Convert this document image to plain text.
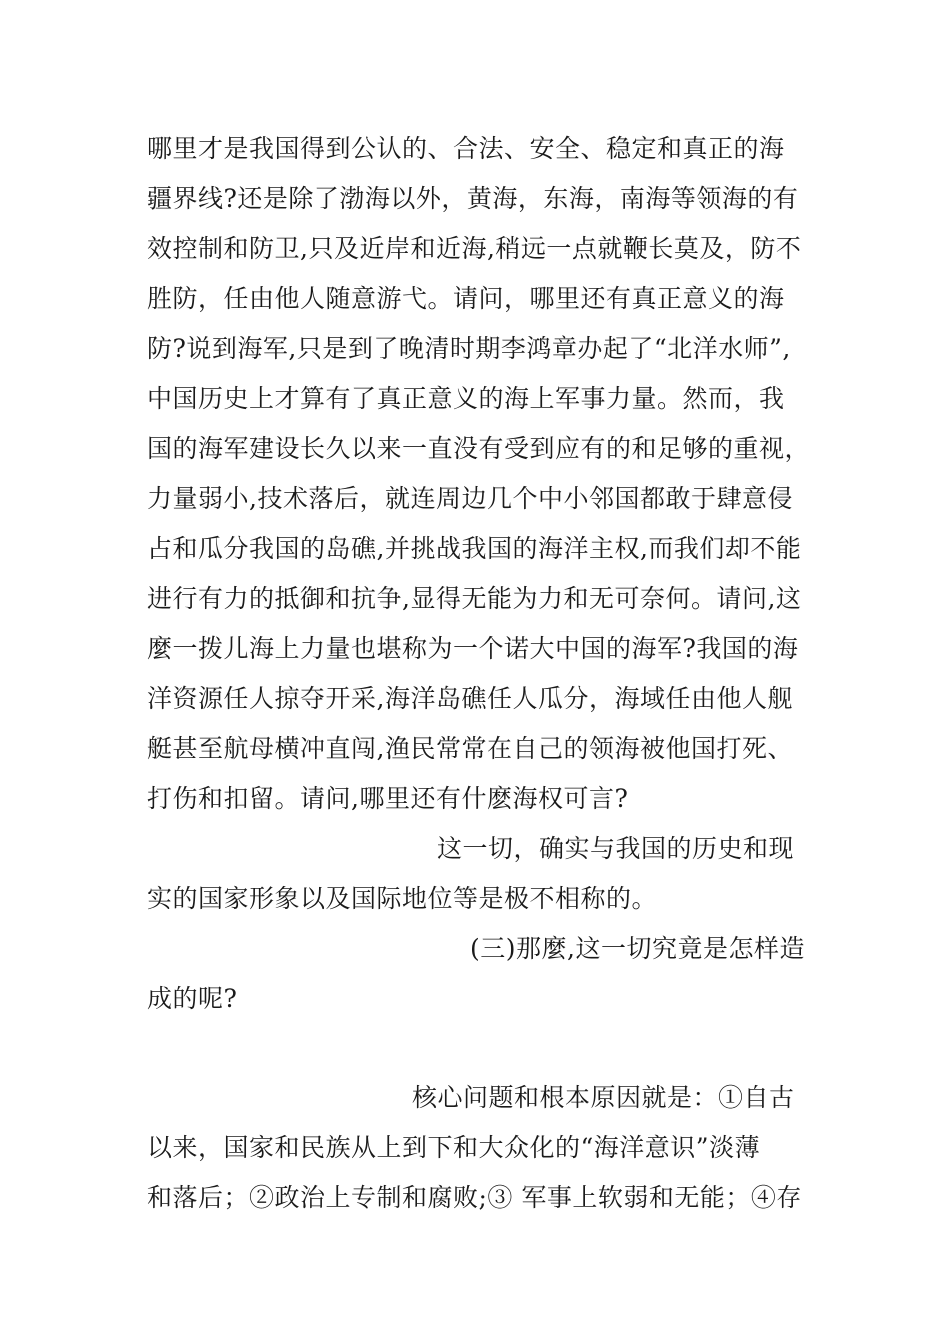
哪里才是我国得到公认的、合法、安全、稳定和真正的海
疆界线?还是除了渤海以外，黄海，东海，南海等领海的有
效控制和防卫,只及近岸和近海,稍远一点就鞭长莫及，防不
胜防，任由他人随意游弋。请问，哪里还有真正意义的海
防?说到海军,只是到了晚清时期李鸿章办起了“北洋水师”,
中国历史上才算有了真正意义的海上军事力量。然而，我
国的海军建设长久以来一直没有受到应有的和足够的重视，
力量弱小,技术落后，就连周边几个中小邻国都敢于肆意侵
占和瓜分我国的岛礁,并挑战我国的海洋主权,而我们却不能
进行有力的抵御和抗争,显得无能为力和无可奈何。请问,这
麼一拨儿海上力量也堪称为一个诺大中国的海军?我国的海
洋资源任人掠夺开采,海洋岛礁任人瓜分，海域任由他人舰
艇甚至航母横冲直闯,渔民常常在自己的领海被他国打死、
打伤和扣留。请问,哪里还有什麽海权可言?
这一切，确实与我国的历史和现
实的国家形象以及国际地位等是极不相称的。
(三)那麼,这一切究竟是怎样造
成的呢?
核心问题和根本原因就是：①自古
以来，国家和民族从上到下和大众化的“海洋意识”淡薄
和落后；②政治上专制和腐败;③ 军事上软弱和无能；④存
